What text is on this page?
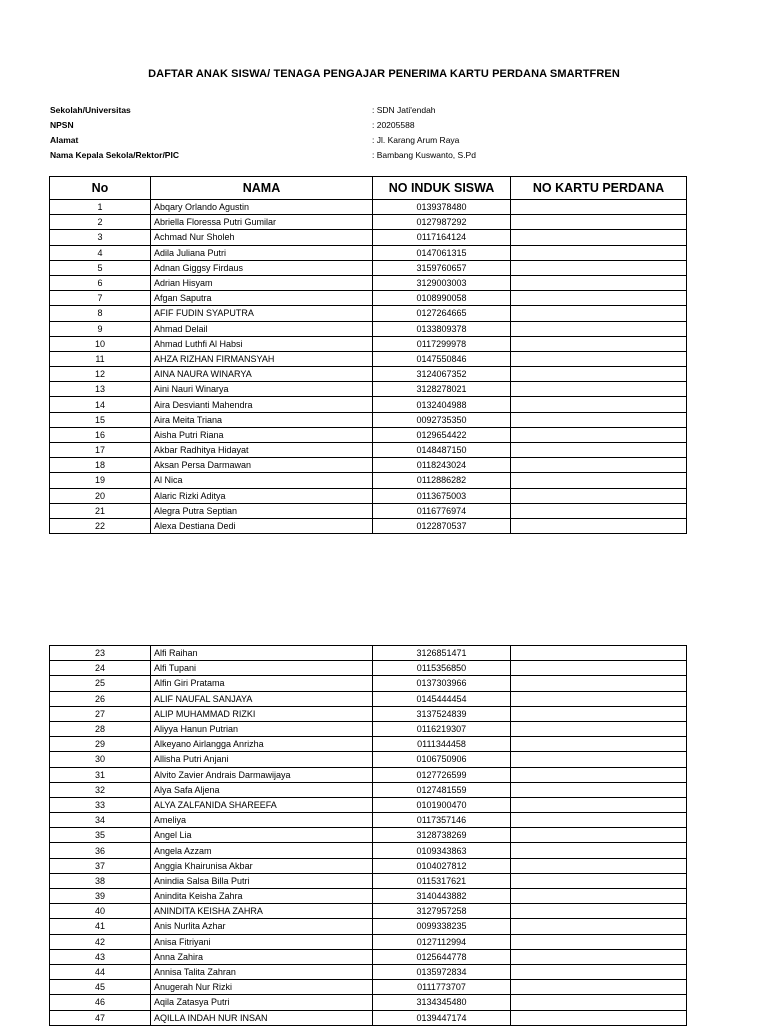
DAFTAR ANAK SISWA/ TENAGA PENGAJAR PENERIMA KARTU PERDANA SMARTFREN
Sekolah/Universitas	: SDN Jati'endah
NPSN	: 20205588
Alamat	: Jl. Karang Arum Raya
Nama Kepala Sekola/Rektor/PIC	: Bambang Kuswanto, S.Pd
No	NAMA	NO INDUK SISWA	NO KARTU PERDANA
1	Abqary Orlando Agustin	0139378480	
2	Abriella Floressa Putri Gumilar	0127987292	
3	Achmad Nur Sholeh	0117164124	
4	Adila Juliana Putri	0147061315	
5	Adnan Giggsy Firdaus	3159760657	
6	Adrian Hisyam	3129003003	
7	Afgan Saputra	0108990058	
8	AFIF FUDIN SYAPUTRA	0127264665	
9	Ahmad Delail	0133809378	
10	Ahmad Luthfi Al Habsi	0117299978	
11	AHZA RIZHAN FIRMANSYAH	0147550846	
12	AINA NAURA WINARYA	3124067352	
13	Aini Nauri Winarya	3128278021	
14	Aira Desvianti Mahendra	0132404988	
15	Aira Meita Triana	0092735350	
16	Aisha Putri Riana	0129654422	
17	Akbar Radhitya Hidayat	0148487150	
18	Aksan Persa Darmawan	0118243024	
19	Al Nica	0112886282	
20	Alaric Rizki Aditya	0113675003	
21	Alegra Putra Septian	0116776974	
22	Alexa Destiana Dedi	0122870537	
23	Alfi Raihan	3126851471	
24	Alfi Tupani	0115356850	
25	Alfin Giri Pratama	0137303966	
26	ALIF NAUFAL SANJAYA	0145444454	
27	ALIP MUHAMMAD RIZKI	3137524839	
28	Aliyya Hanun Putrian	0116219307	
29	Alkeyano Airlangga Anrizha	0111344458	
30	Allisha Putri Anjani	0106750906	
31	Alvito Zavier Andrais Darmawijaya	0127726599	
32	Alya Safa Aljena	0127481559	
33	ALYA ZALFANIDA SHAREEFA	0101900470	
34	Ameliya	0117357146	
35	Angel Lia	3128738269	
36	Angela Azzam	0109343863	
37	Anggia Khairunisa Akbar	0104027812	
38	Anindia Salsa Billa Putri	0115317621	
39	Anindita Keisha Zahra	3140443882	
40	ANINDITA KEISHA ZAHRA	3127957258	
41	Anis Nurlita Azhar	0099338235	
42	Anisa Fitriyani	0127112994	
43	Anna Zahira	0125644778	
44	Annisa Talita Zahran	0135972834	
45	Anugerah Nur Rizki	0111773707	
46	Aqila Zatasya Putri	3134345480	
47	AQILLA INDAH NUR INSAN	0139447174	
